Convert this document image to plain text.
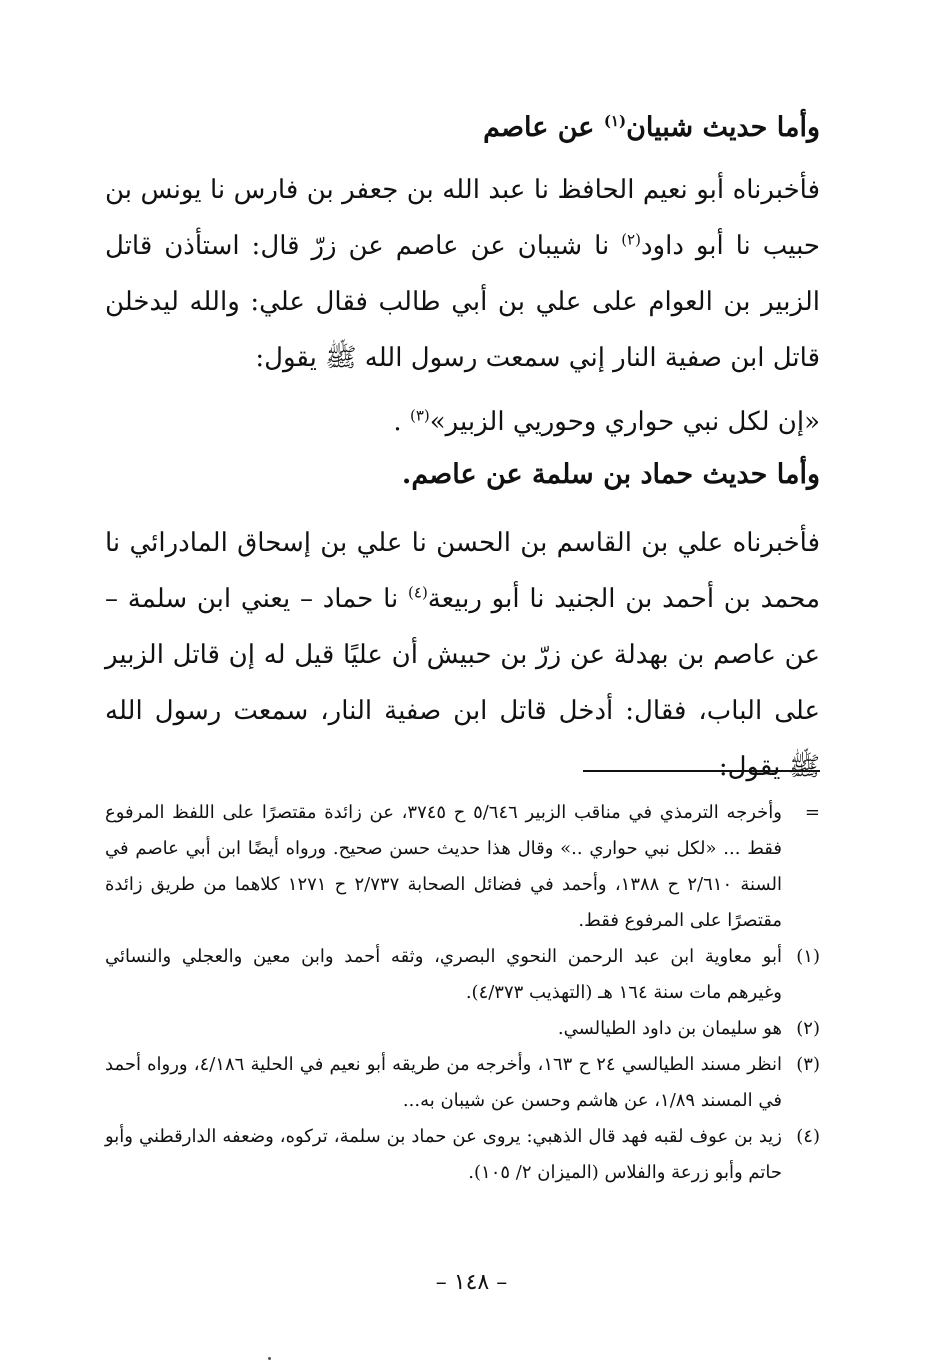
وأما حديث شبيان$^{(١)}$ عن عاصم
فأخبرناه أبو نعيم الحافظ نا عبد الله بن جعفر بن فارس نا يونس بن حبيب نا أبو داود$^{(٢)}$ نا شيبان عن عاصم عن زرّ قال: استأذن قاتل الزبير بن العوام على علي بن أبي طالب فقال علي: والله ليدخلن قاتل ابن صفية النار إني سمعت رسول الله ﷺ يقول:
«إن لكل نبي حواري وحوريي الزبير»$^{(٣)}$ .
وأما حديث حماد بن سلمة عن عاصم.
فأخبرناه علي بن القاسم بن الحسن نا علي بن إسحاق المادرائي نا محمد بن أحمد بن الجنيد نا أبو ربيعة$^{(٤)}$ نا حماد – يعني ابن سلمة – عن عاصم بن بهدلة عن زرّ بن حبيش أن عليًا قيل له إن قاتل الزبير على الباب، فقال: أدخل قاتل ابن صفية النار، سمعت رسول الله ﷺ يقول:
=
وأخرجه الترمذي في مناقب الزبير ٥/٦٤٦ ح ٣٧٤٥، عن زائدة مقتصرًا على اللفظ المرفوع فقط ... «لكل نبي حواري ..» وقال هذا حديث حسن صحيح. ورواه أيضًا ابن أبي عاصم في السنة ٢/٦١٠ ح ١٣٨٨، وأحمد في فضائل الصحابة ٢/٧٣٧ ح ١٢٧١ كلاهما من طريق زائدة مقتصرًا على المرفوع فقط.
(١)
أبو معاوية ابن عبد الرحمن النحوي البصري، وثقه أحمد وابن معين والعجلي والنسائي وغيرهم مات سنة ١٦٤ هـ (التهذيب ٤/٣٧٣).
(٢)
هو سليمان بن داود الطيالسي.
(٣)
انظر مسند الطيالسي ٢٤ ح ١٦٣، وأخرجه من طريقه أبو نعيم في الحلية ٤/١٨٦، ورواه أحمد في المسند ١/٨٩، عن هاشم وحسن عن شيبان به...
(٤)
زيد بن عوف لقبه فهد قال الذهبي: يروى عن حماد بن سلمة، تركوه، وضعفه الدارقطني وأبو حاتم وأبو زرعة والفلاس (الميزان ٢/ ١٠٥).
– ١٤٨ –
